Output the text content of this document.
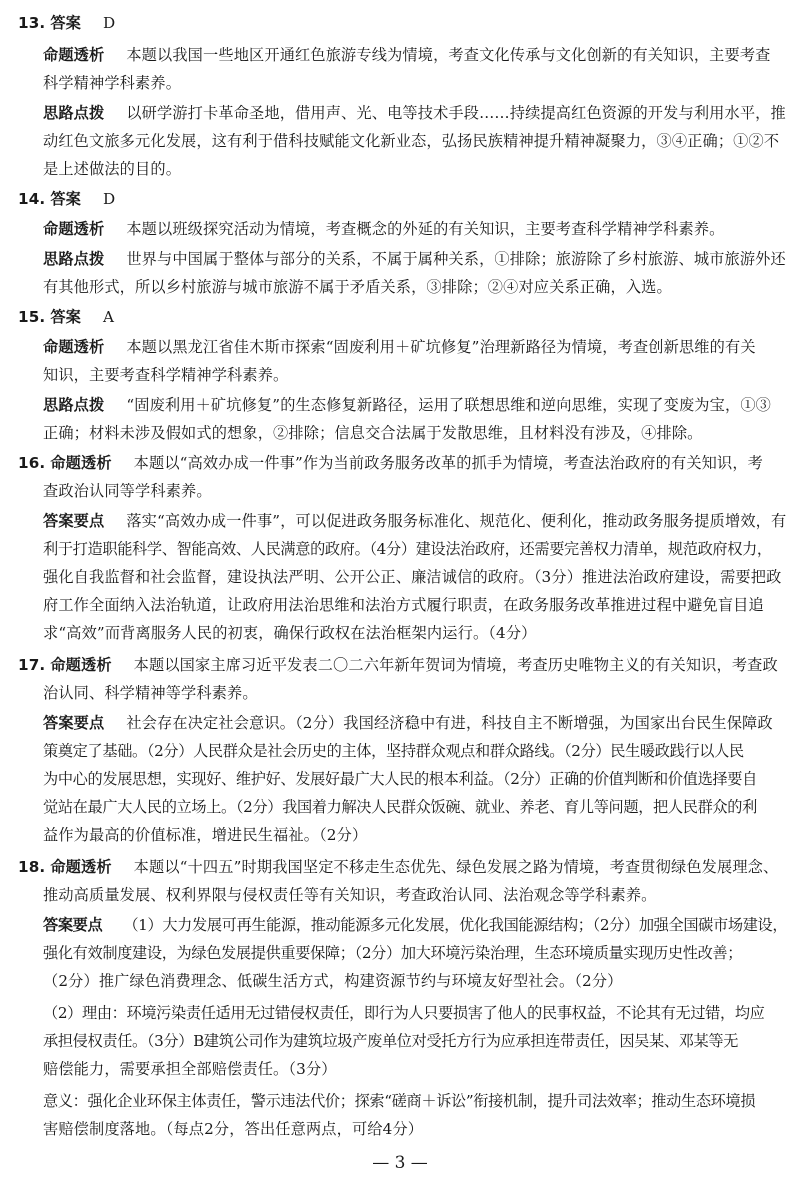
13. 答案 D
命题透析 本题以我国一些地区开通红色旅游专线为情境，考查文化传承与文化创新的有关知识，主要考查
科学精神学科素养。
思路点拨 以研学游打卡革命圣地，借用声、光、电等技术手段……持续提高红色资源的开发与利用水平，推
动红色文旅多元化发展，这有利于借科技赋能文化新业态，弘扬民族精神提升精神凝聚力，③④正确；①②不
是上述做法的目的。
14. 答案 D
命题透析 本题以班级探究活动为情境，考查概念的外延的有关知识，主要考查科学精神学科素养。
思路点拨 世界与中国属于整体与部分的关系，不属于属种关系，①排除；旅游除了乡村旅游、城市旅游外还
有其他形式，所以乡村旅游与城市旅游不属于矛盾关系，③排除；②④对应关系正确，入选。
15. 答案 A
命题透析 本题以黑龙江省佳木斯市探索“固废利用＋矿坑修复”治理新路径为情境，考查创新思维的有关
知识，主要考查科学精神学科素养。
思路点拨 “固废利用＋矿坑修复”的生态修复新路径，运用了联想思维和逆向思维，实现了变废为宝，①③
正确；材料未涉及假如式的想象，②排除；信息交合法属于发散思维，且材料没有涉及，④排除。
16. 命题透析 本题以“高效办成一件事”作为当前政务服务改革的抓手为情境，考查法治政府的有关知识，考
查政治认同等学科素养。
答案要点 落实“高效办成一件事”，可以促进政务服务标准化、规范化、便利化，推动政务服务提质增效，有
利于打造职能科学、智能高效、人民满意的政府。（4分）建设法治政府，还需要完善权力清单，规范政府权力，
强化自我监督和社会监督，建设执法严明、公开公正、廉洁诚信的政府。（3分）推进法治政府建设，需要把政
府工作全面纳入法治轨道，让政府用法治思维和法治方式履行职责，在政务服务改革推进过程中避免盲目追
求“高效”而背离服务人民的初衷，确保行政权在法治框架内运行。（4分）
17. 命题透析 本题以国家主席习近平发表二〇二六年新年贺词为情境，考查历史唯物主义的有关知识，考查政
治认同、科学精神等学科素养。
答案要点 社会存在决定社会意识。（2分）我国经济稳中有进，科技自主不断增强，为国家出台民生保障政
策奠定了基础。（2分）人民群众是社会历史的主体，坚持群众观点和群众路线。（2分）民生暖政践行以人民
为中心的发展思想，实现好、维护好、发展好最广大人民的根本利益。（2分）正确的价值判断和价值选择要自
觉站在最广大人民的立场上。（2分）我国着力解决人民群众饭碗、就业、养老、育儿等问题，把人民群众的利
益作为最高的价值标准，增进民生福祉。（2分）
18. 命题透析 本题以“十四五”时期我国坚定不移走生态优先、绿色发展之路为情境，考查贯彻绿色发展理念、
推动高质量发展、权利界限与侵权责任等有关知识，考查政治认同、法治观念等学科素养。
答案要点 （1）大力发展可再生能源，推动能源多元化发展，优化我国能源结构；（2分）加强全国碳市场建设，
强化有效制度建设，为绿色发展提供重要保障；（2分）加大环境污染治理，生态环境质量实现历史性改善；
（2分）推广绿色消费理念、低碳生活方式，构建资源节约与环境友好型社会。（2分）
（2）理由：环境污染责任适用无过错侵权责任，即行为人只要损害了他人的民事权益，不论其有无过错，均应
承担侵权责任。（3分）B建筑公司作为建筑垃圾产废单位对受托方行为应承担连带责任，因吴某、邓某等无
赔偿能力，需要承担全部赔偿责任。（3分）
意义：强化企业环保主体责任，警示违法代价；探索“磋商＋诉讼”衔接机制，提升司法效率；推动生态环境损
害赔偿制度落地。（每点2分，答出任意两点，可给4分）
— 3 —
